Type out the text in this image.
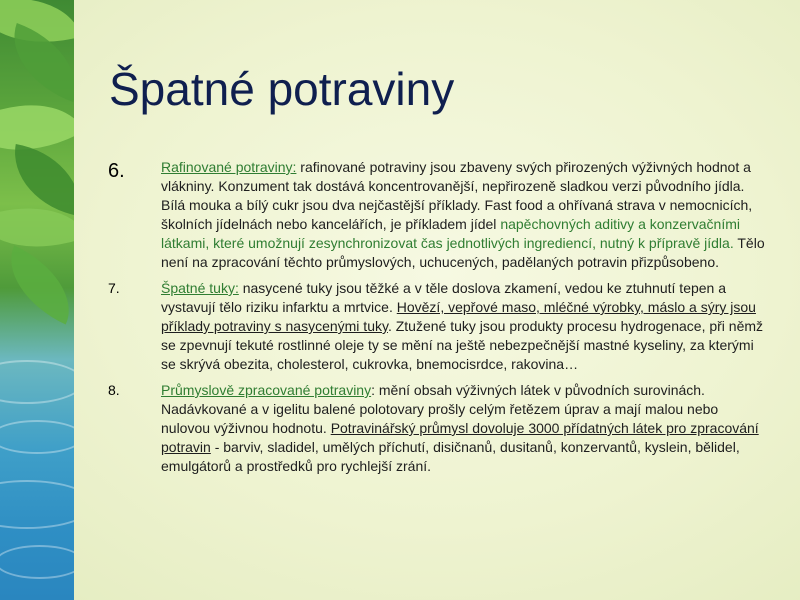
Špatné potraviny
6.	Rafinované potraviny: rafinované potraviny jsou zbaveny svých přirozených výživných hodnot a vlákniny. Konzument tak dostává koncentrovanější, nepřirozeně sladkou verzi původního jídla. Bílá mouka a bílý cukr jsou dva nejčastější příklady. Fast food a ohřívaná strava v nemocnicích, školních jídelnách nebo kancelářích, je příkladem jídel napěchovných aditivy a konzervačními látkami, které umožnují zesynchronizovat čas jednotlivých ingrediencí, nutný k přípravě jídla. Tělo není na zpracování těchto průmyslových, uchucených, padělaných potravin přizpůsobeno.
7.	Špatné tuky: nasycené tuky jsou těžké a v těle doslova zkamení, vedou ke ztuhnutí tepen a vystavují tělo riziku infarktu a mrtvice. Hovězí, vepřové maso, mléčné výrobky, máslo a sýry jsou příklady potraviny s nasycenými tuky. Ztužené tuky jsou produkty procesu hydrogenace, při němž se zpevnují tekuté rostlinné oleje ty se mění na ještě nebezpečnější mastné kyseliny, za kterými se skrývá obezita, cholesterol, cukrovka, bnemocisrdce, rakovina…
8.	Průmyslově zpracované potraviny: mění obsah výživných látek v původních surovinách. Nadávkované a v igelitu balené polotovary prošly celým řetězem úprav a mají malou nebo nulovou výživnou hodnotu. Potravinářský průmysl dovoluje 3000 přídatných látek pro zpracování potravin - barviv, sladidel, umělých příchutí, disičnanů, dusitanů, konzervantů, kyslein, bělidel, emulgátorů a prostředků pro rychlejší zrání.
